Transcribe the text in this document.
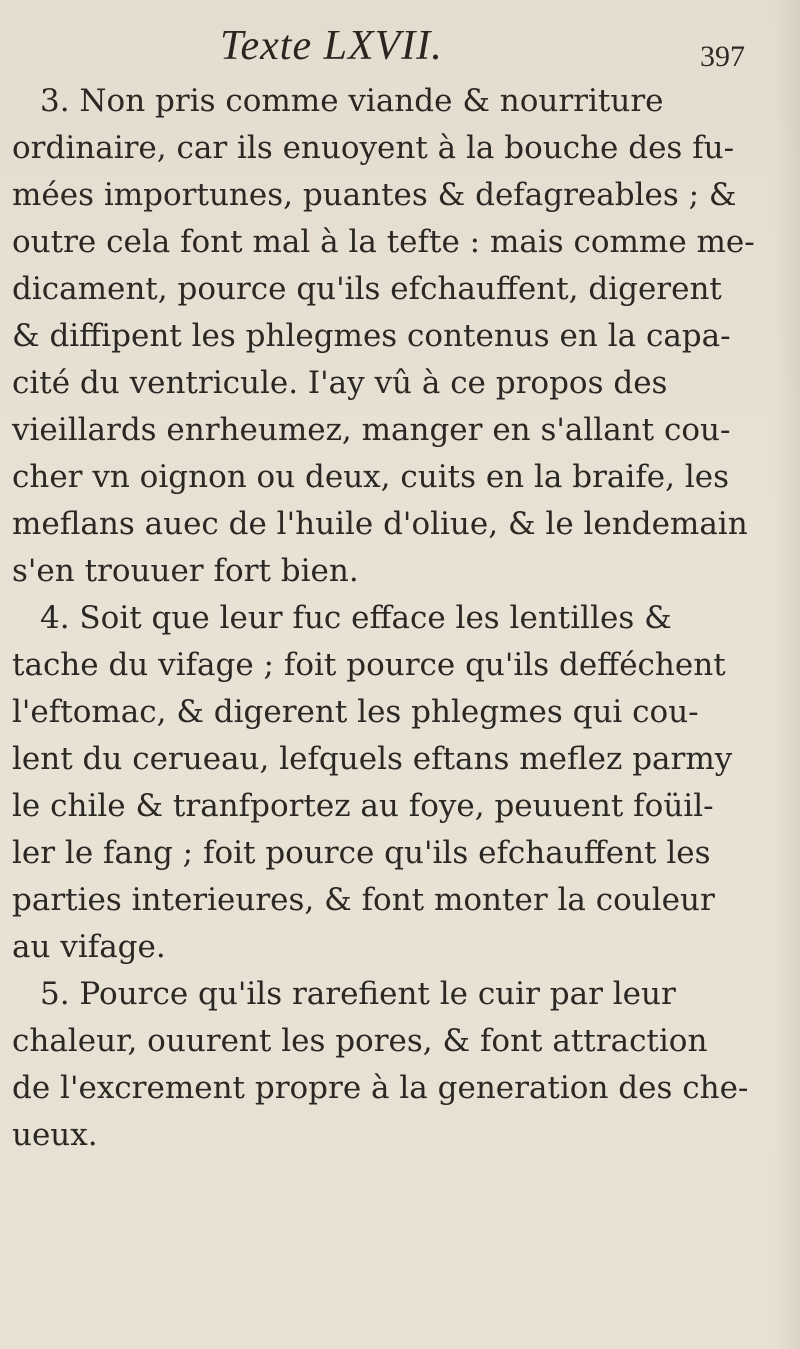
Texte LXVII.	397
3. Non pris comme viande & nourriture
ordinaire, car ils enuoyent à la bouche des fu-
mées importunes, puantes & defagreables ; &
outre cela font mal à la tefte : mais comme me-
dicament, pource qu'ils efchauffent, digerent
& diffipent les phlegmes contenus en la capa-
cité du ventricule. I'ay vû à ce propos des
vieillards enrheumez, manger en s'allant cou-
cher vn oignon ou deux, cuits en la braife, les
meflans auec de l'huile d'oliue, & le lendemain
s'en trouuer fort bien.
4. Soit que leur fuc efface les lentilles &
tache du vifage ; foit pource qu'ils defféchent
l'eftomac, & digerent les phlegmes qui cou-
lent du cerueau, lefquels eftans meflez parmy
le chile & tranfportez au foye, peuuent foüil-
ler le fang ; foit pource qu'ils efchauffent les
parties interieures, & font monter la couleur
au vifage.
5. Pource qu'ils rarefient le cuir par leur
chaleur, ouurent les pores, & font attraction
de l'excrement propre à la generation des che-
ueux.
